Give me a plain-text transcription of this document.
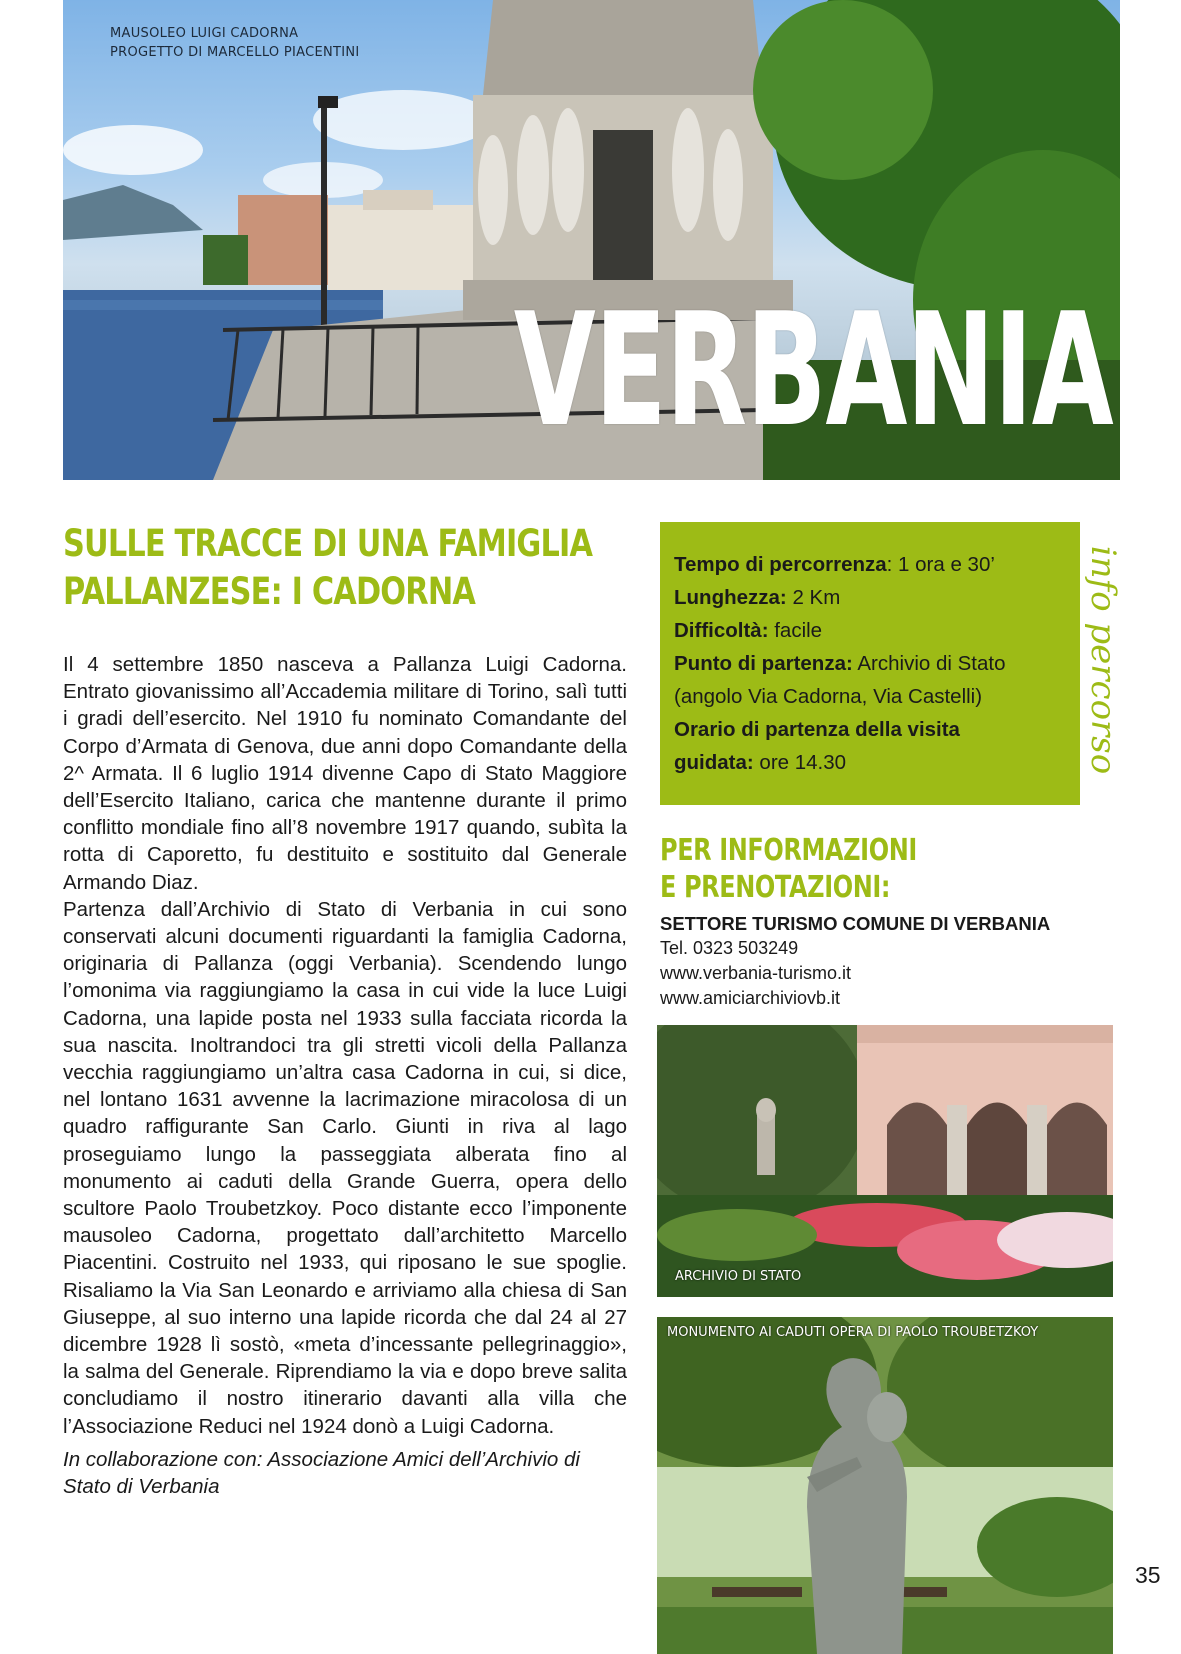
MAUSOLEO LUIGI CADORNA
PROGETTO DI MARCELLO PIACENTINI
VERBANIA
SULLE TRACCE DI UNA FAMIGLIA
PALLANZESE: I CADORNA

Il 4 settembre 1850 nasceva a Pallanza Luigi Cadorna. Entrato giovanissimo all’Accademia militare di Torino, salì tutti i gradi dell’esercito. Nel 1910 fu nominato Comandante del Corpo d’Armata di Genova, due anni dopo Comandante della 2^ Armata. Il 6 luglio 1914 divenne Capo di Stato Maggiore dell’Esercito Italiano, carica che mantenne durante il primo conflitto mondiale fino all’8 novembre 1917 quando, subìta la rotta di Caporetto, fu destituito e sostituito dal Generale Armando Diaz.

Partenza dall’Archivio di Stato di Verbania in cui sono conservati alcuni documenti riguardanti la famiglia Cadorna, originaria di Pallanza (oggi Verbania). Scendendo lungo l’omonima via raggiungiamo la casa in cui vide la luce Luigi Cadorna, una lapide posta nel 1933 sulla facciata ricorda la sua nascita. Inoltrandoci tra gli stretti vicoli della Pallanza vecchia raggiungiamo un’altra casa Cadorna in cui, si dice, nel lontano 1631 avvenne la lacrimazione miracolosa di un quadro raffigurante San Carlo. Giunti in riva al lago proseguiamo lungo la passeggiata alberata fino al monumento ai caduti della Grande Guerra, opera dello scultore Paolo Troubetzkoy. Poco distante ecco l’imponente mausoleo Cadorna, progettato dall’architetto Marcello Piacentini. Costruito nel 1933, qui riposano le sue spoglie. Risaliamo la Via San Leonardo e arriviamo alla chiesa di San Giuseppe, al suo interno una lapide ricorda che dal 24 al 27 dicembre 1928 lì sostò, «meta d’incessante pellegrinaggio», la salma del Generale. Riprendiamo la via e dopo breve salita concludiamo il nostro itinerario davanti alla villa che l’Associazione Reduci nel 1924 donò a Luigi Cadorna.

In collaborazione con: Associazione Amici dell’Archivio di Stato di Verbania

Tempo di percorrenza: 1 ora e 30’
Lunghezza: 2 Km
Difficoltà: facile
Punto di partenza: Archivio di Stato
(angolo Via Cadorna, Via Castelli)
Orario di partenza della visita
guidata: ore 14.30	info percorso
PER INFORMAZIONI
E PRENOTAZIONI:
SETTORE TURISMO COMUNE DI VERBANIA
Tel. 0323 503249
www.verbania-turismo.it
www.amiciarchiviovb.it
ARCHIVIO DI STATO
MONUMENTO AI CADUTI OPERA DI PAOLO TROUBETZKOY
35
